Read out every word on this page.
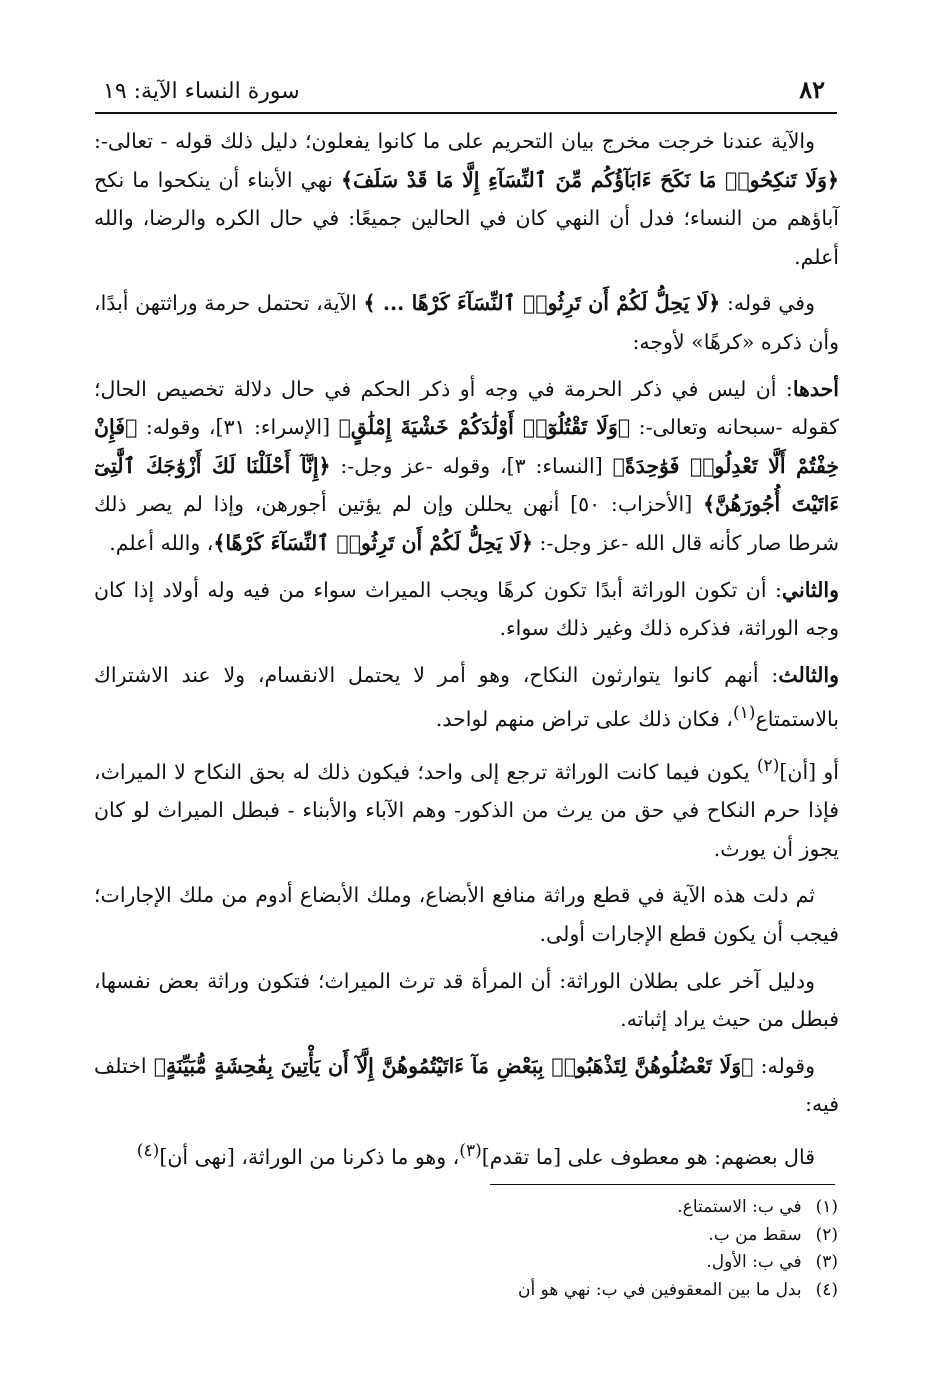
٨٢
سورة النساء الآية: ١٩

والآية عندنا خرجت مخرج بيان التحريم على ما كانوا يفعلون؛ دليل ذلك قوله - تعالى-: ﴿وَلَا تَنكِحُوا۟ مَا نَكَحَ ءَابَآؤُكُم مِّنَ ٱلنِّسَآءِ إِلَّا مَا قَدْ سَلَفَ﴾ نهي الأبناء أن ينكحوا ما نكح آباؤهم من النساء؛ فدل أن النهي كان في الحالين جميعًا: في حال الكره والرضا، والله أعلم.

وفي قوله: ﴿لَا يَحِلُّ لَكُمْ أَن تَرِثُوا۟ ٱلنِّسَآءَ كَرْهًا ... ﴾ الآية، تحتمل حرمة وراثتهن أبدًا، وأن ذكره «كرهًا» لأوجه:

أحدها: أن ليس في ذكر الحرمة في وجه أو ذكر الحكم في حال دلالة تخصيص الحال؛ كقوله -سبحانه وتعالى-: ﴿وَلَا تَقْتُلُوٓا۟ أَوْلَٰدَكُمْ خَشْيَةَ إِمْلَٰقٍ﴾ [الإسراء: ٣١]، وقوله: ﴿فَإِنْ خِفْتُمْ أَلَّا تَعْدِلُوا۟ فَوَٰحِدَةً﴾ [النساء: ٣]، وقوله -عز وجل-: ﴿إِنَّآ أَحْلَلْنَا لَكَ أَزْوَٰجَكَ ٱلَّٰتِىٓ ءَاتَيْتَ أُجُورَهُنَّ﴾ [الأحزاب: ٥٠] أنهن يحللن وإن لم يؤتين أجورهن، وإذا لم يصر ذلك شرطا صار كأنه قال الله -عز وجل-: ﴿لَا يَحِلُّ لَكُمْ أَن تَرِثُوا۟ ٱلنِّسَآءَ كَرْهًا﴾، والله أعلم.

والثاني: أن تكون الوراثة أبدًا تكون كرهًا ويجب الميراث سواء من فيه وله أولاد إذا كان وجه الوراثة، فذكره ذلك وغير ذلك سواء.

والثالث: أنهم كانوا يتوارثون النكاح، وهو أمر لا يحتمل الانقسام، ولا عند الاشتراك بالاستمتاع$^{(١)}$، فكان ذلك على تراض منهم لواحد.

أو [أن]$^{(٢)}$ يكون فيما كانت الوراثة ترجع إلى واحد؛ فيكون ذلك له بحق النكاح لا الميراث، فإذا حرم النكاح في حق من يرث من الذكور- وهم الآباء والأبناء - فبطل الميراث لو كان يجوز أن يورث.

ثم دلت هذه الآية في قطع وراثة منافع الأبضاع، وملك الأبضاع أدوم من ملك الإجارات؛ فيجب أن يكون قطع الإجارات أولى.

ودليل آخر على بطلان الوراثة: أن المرأة قد ترث الميراث؛ فتكون وراثة بعض نفسها، فبطل من حيث يراد إثباته.

وقوله: ﴿وَلَا تَعْضُلُوهُنَّ لِتَذْهَبُوا۟ بِبَعْضِ مَآ ءَاتَيْتُمُوهُنَّ إِلَّآ أَن يَأْتِينَ بِفَٰحِشَةٍ مُّبَيِّنَةٍ﴾ اختلف فيه:

قال بعضهم: هو معطوف على [ما تقدم]$^{(٣)}$، وهو ما ذكرنا من الوراثة، [نهى أن]$^{(٤)}$

(١)في ب: الاستمتاع.
(٢)سقط من ب.
(٣)في ب: الأول.
(٤)بدل ما بين المعقوفين في ب: نهي هو أن
